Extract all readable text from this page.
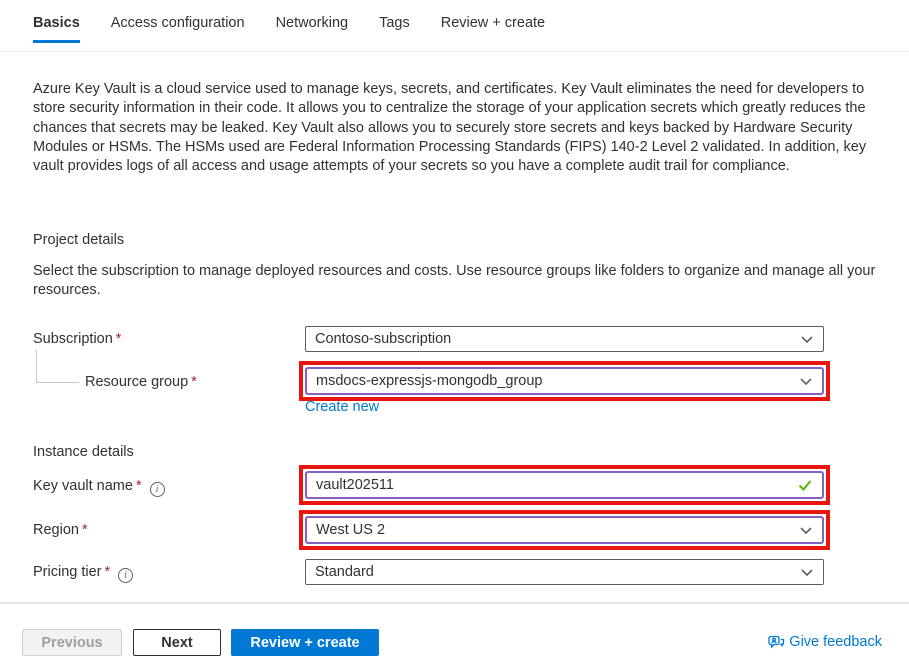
Basics Access configuration Networking Tags Review + create
Azure Key Vault is a cloud service used to manage keys, secrets, and certificates. Key Vault eliminates the need for developers to store security information in their code. It allows you to centralize the storage of your application secrets which greatly reduces the chances that secrets may be leaked. Key Vault also allows you to securely store secrets and keys backed by Hardware Security Modules or HSMs. The HSMs used are Federal Information Processing Standards (FIPS) 140-2 Level 2 validated. In addition, key vault provides logs of all access and usage attempts of your secrets so you have a complete audit trail for compliance.
Project details
Select the subscription to manage deployed resources and costs. Use resource groups like folders to organize and manage all your resources.
Subscription *	Contoso-subscription
Resource group *	msdocs-expressjs-mongodb_group
Create new
Instance details
Key vault name * i	vault202511
Region *	West US 2
Pricing tier * i	Standard
Previous	Next	Review + create	Give feedback
